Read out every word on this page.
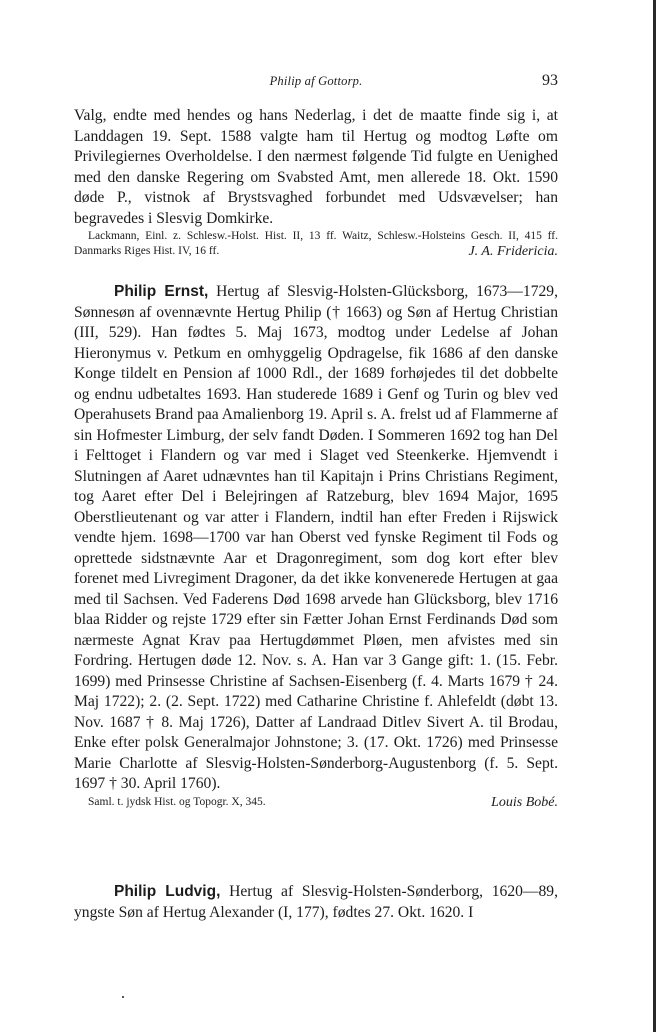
Philip af Gottorp.	93

Valg, endte med hendes og hans Nederlag, i det de maatte finde sig i, at Landdagen 19. Sept. 1588 valgte ham til Hertug og modtog Løfte om Privilegiernes Overholdelse. I den nærmest følgende Tid fulgte en Uenighed med den danske Regering om Svabsted Amt, men allerede 18. Okt. 1590 døde P., vistnok af Brystsvaghed forbundet med Udsvævelser; han begravedes i Slesvig Domkirke.

Lackmann, Einl. z. Schlesw.-Holst. Hist. II, 13 ff. Waitz, Schlesw.-Holsteins Gesch. II, 415 ff. Danmarks Riges Hist. IV, 16 ff.	J. A. Fridericia.

Philip Ernst, Hertug af Slesvig-Holsten-Glücksborg, 1673—1729, Sønnesøn af ovennævnte Hertug Philip († 1663) og Søn af Hertug Christian (III, 529). Han fødtes 5. Maj 1673, modtog under Ledelse af Johan Hieronymus v. Petkum en omhyggelig Opdragelse, fik 1686 af den danske Konge tildelt en Pension af 1000 Rdl., der 1689 forhøjedes til det dobbelte og endnu udbetaltes 1693. Han studerede 1689 i Genf og Turin og blev ved Operahusets Brand paa Amalienborg 19. April s. A. frelst ud af Flammerne af sin Hofmester Limburg, der selv fandt Døden. I Sommeren 1692 tog han Del i Felttoget i Flandern og var med i Slaget ved Steenkerke. Hjemvendt i Slutningen af Aaret udnævntes han til Kapitajn i Prins Christians Regiment, tog Aaret efter Del i Belejringen af Ratzeburg, blev 1694 Major, 1695 Oberstlieutenant og var atter i Flandern, indtil han efter Freden i Rijswick vendte hjem. 1698—1700 var han Oberst ved fynske Regiment til Fods og oprettede sidstnævnte Aar et Dragonregiment, som dog kort efter blev forenet med Livregiment Dragoner, da det ikke konvenerede Hertugen at gaa med til Sachsen. Ved Faderens Død 1698 arvede han Glücksborg, blev 1716 blaa Ridder og rejste 1729 efter sin Fætter Johan Ernst Ferdinands Død som nærmeste Agnat Krav paa Hertugdømmet Pløen, men afvistes med sin Fordring. Hertugen døde 12. Nov. s. A. Han var 3 Gange gift: 1. (15. Febr. 1699) med Prinsesse Christine af Sachsen-Eisenberg (f. 4. Marts 1679 † 24. Maj 1722); 2. (2. Sept. 1722) med Catharine Christine f. Ahlefeldt (døbt 13. Nov. 1687 † 8. Maj 1726), Datter af Landraad Ditlev Sivert A. til Brodau, Enke efter polsk Generalmajor Johnstone; 3. (17. Okt. 1726) med Prinsesse Marie Charlotte af Slesvig-Holsten-Sønderborg-Augustenborg (f. 5. Sept. 1697 † 30. April 1760).

Saml. t. jydsk Hist. og Topogr. X, 345.	Louis Bobé.

Philip Ludvig, Hertug af Slesvig-Holsten-Sønderborg, 1620—89, yngste Søn af Hertug Alexander (I, 177), fødtes 27. Okt. 1620. I
